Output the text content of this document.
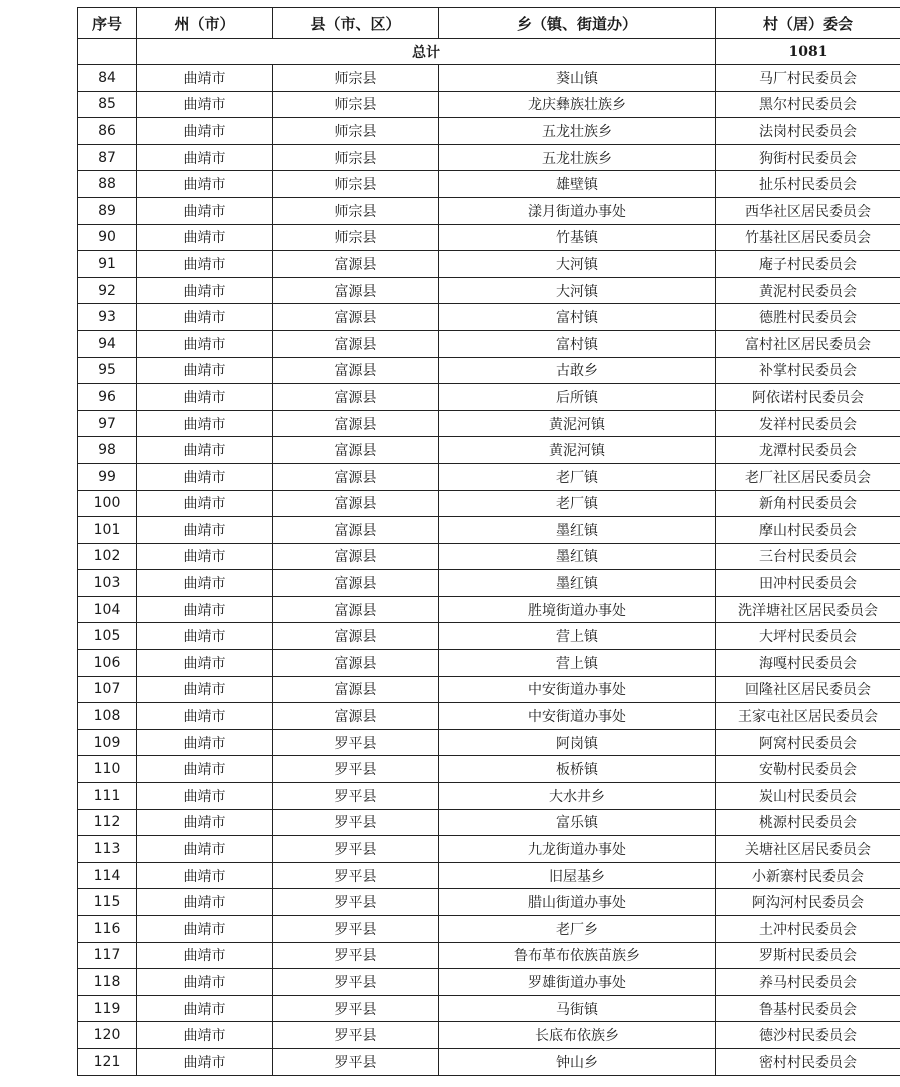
序号	州（市）	县（市、区）	乡（镇、街道办）	村（居）委会
	总计			1081
84	曲靖市	师宗县	葵山镇	马厂村民委员会
85	曲靖市	师宗县	龙庆彝族壮族乡	黑尔村民委员会
86	曲靖市	师宗县	五龙壮族乡	法岗村民委员会
87	曲靖市	师宗县	五龙壮族乡	狗街村民委员会
88	曲靖市	师宗县	雄壁镇	扯乐村民委员会
89	曲靖市	师宗县	漾月街道办事处	西华社区居民委员会
90	曲靖市	师宗县	竹基镇	竹基社区居民委员会
91	曲靖市	富源县	大河镇	庵子村民委员会
92	曲靖市	富源县	大河镇	黄泥村民委员会
93	曲靖市	富源县	富村镇	德胜村民委员会
94	曲靖市	富源县	富村镇	富村社区居民委员会
95	曲靖市	富源县	古敢乡	补掌村民委员会
96	曲靖市	富源县	后所镇	阿依诺村民委员会
97	曲靖市	富源县	黄泥河镇	发祥村民委员会
98	曲靖市	富源县	黄泥河镇	龙潭村民委员会
99	曲靖市	富源县	老厂镇	老厂社区居民委员会
100	曲靖市	富源县	老厂镇	新角村民委员会
101	曲靖市	富源县	墨红镇	摩山村民委员会
102	曲靖市	富源县	墨红镇	三台村民委员会
103	曲靖市	富源县	墨红镇	田冲村民委员会
104	曲靖市	富源县	胜境街道办事处	洗洋塘社区居民委员会
105	曲靖市	富源县	营上镇	大坪村民委员会
106	曲靖市	富源县	营上镇	海嘎村民委员会
107	曲靖市	富源县	中安街道办事处	回隆社区居民委员会
108	曲靖市	富源县	中安街道办事处	王家屯社区居民委员会
109	曲靖市	罗平县	阿岗镇	阿窝村民委员会
110	曲靖市	罗平县	板桥镇	安勒村民委员会
111	曲靖市	罗平县	大水井乡	炭山村民委员会
112	曲靖市	罗平县	富乐镇	桃源村民委员会
113	曲靖市	罗平县	九龙街道办事处	关塘社区居民委员会
114	曲靖市	罗平县	旧屋基乡	小新寨村民委员会
115	曲靖市	罗平县	腊山街道办事处	阿沟河村民委员会
116	曲靖市	罗平县	老厂乡	土冲村民委员会
117	曲靖市	罗平县	鲁布革布依族苗族乡	罗斯村民委员会
118	曲靖市	罗平县	罗雄街道办事处	养马村民委员会
119	曲靖市	罗平县	马街镇	鲁基村民委员会
120	曲靖市	罗平县	长底布依族乡	德沙村民委员会
121	曲靖市	罗平县	钟山乡	密村村民委员会
